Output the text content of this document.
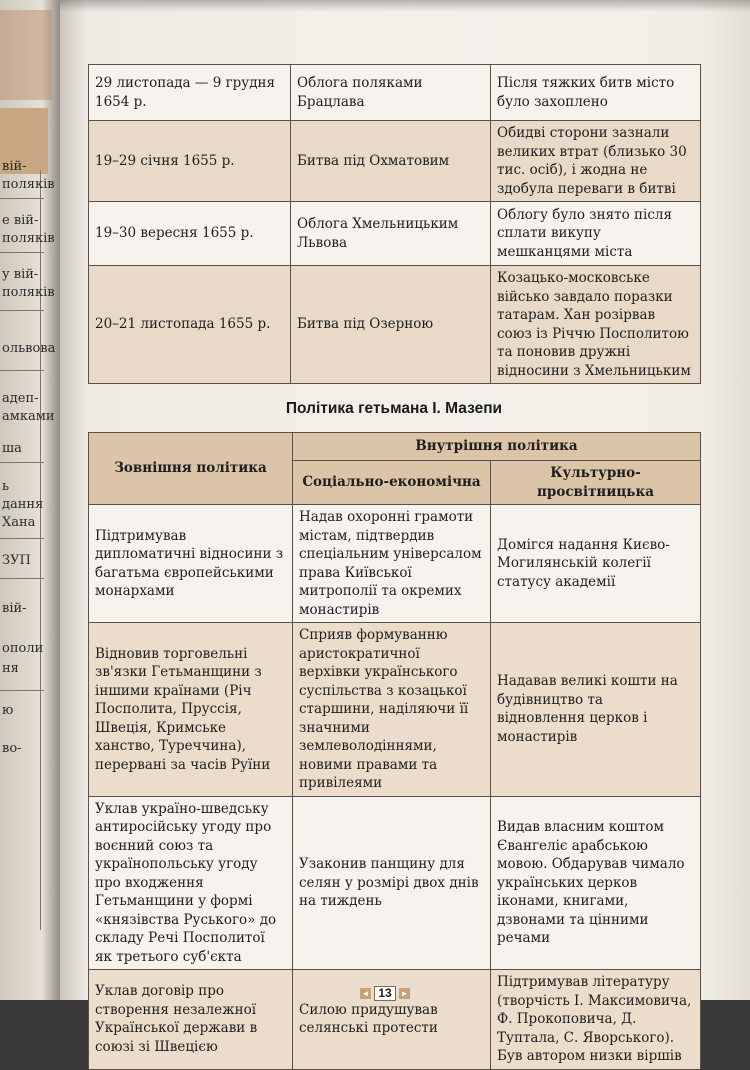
вій-
поляків
е вій-
поляків
у вій-
поляків
ольвова
адеп-
амками
ша
ь
дання
Хана
ЗУП
вій-
ополи
ня
ю
во-
29 листопада — 9 грудня 1654 р.	Облога поляками Брацлава	Після тяжких битв місто було захоплено
19–29 січня 1655 р.	Битва під Охматовим	Обидві сторони зазнали великих втрат (близько 30 тис. осіб), і жодна не здобула переваги в битві
19–30 вересня 1655 р.	Облога Хмельницьким Львова	Облогу було знято після сплати викупу мешканцями міста
20–21 листопада 1655 р.	Битва під Озерною	Козацько-московське військо завдало поразки татарам. Хан розірвав союз із Річчю Посполитою та поновив дружні відносини з Хмельницьким
Політика гетьмана І. Мазепи
Зовнішня політика	Внутрішня політика	
	Соціально-економічна	Культурно-просвітницька
Підтримував дипломатичні відносини з багатьма європейськими монархами	Надав охоронні грамоти містам, підтвердив спеціальним універсалом права Київської митрополії та окремих монастирів	Домігся надання Києво-Могилянській колегії статусу академії
Відновив торговельні зв'язки Гетьманщини з іншими країнами (Річ Посполита, Пруссія, Швеція, Кримське ханство, Туреччина), перервані за часів Руїни	Сприяв формуванню аристократичної верхівки українського суспільства з козацької старшини, наділяючи її значними землеволодіннями, новими правами та привілеями	Надавав великі кошти на будівництво та відновлення церков і монастирів
Уклав україно-шведську антиросійську угоду про воєнний союз та українопольську угоду про входження Гетьманщини у формі «князівства Руського» до складу Речі Посполитої як третього суб'єкта	Узаконив панщину для селян у розмірі двох днів на тиждень	Видав власним коштом Євангеліє арабською мовою. Обдарував чимало українських церков іконами, книгами, дзвонами та цінними речами
Уклав договір про створення незалежної Української держави в союзі зі Швецією	Силою придушував селянські протести	Підтримував літературу (творчість І. Максимовича, Ф. Прокоповича, Д. Туптала, С. Яворського). Був автором низки віршів
◄ 13 ►
